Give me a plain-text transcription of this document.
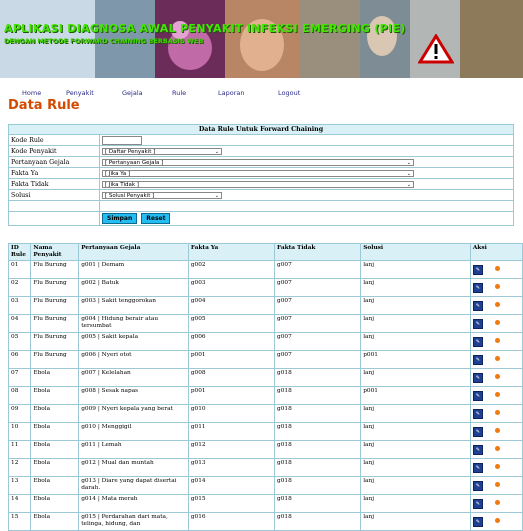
APLIKASI DIAGNOSA AWAL PENYAKIT INFEKSI EMERGING (PIE)
DENGAN METODE FORWARD CHAINING BERBASIS WEB
Home	Penyakit	Gejala	Rule	Laporan	Logout
Data Rule
Data Rule Untuk Forward Chaining	
Kode Rule	

Kode Penyakit	[ Daftar Penyakit ] ⌄

Pertanyaan Gejala	[ Pertanyaan Gejala ] ⌄

Fakta Ya	[ Jika Ya ] ⌄

Fakta Tidak	[ Jika Tidak ] ⌄

Solusi	[ Solusi Penyakit ] ⌄

	Simpan Reset
ID Rule	Nama Penyakit	Pertanyaan Gejala	Fakta Ya	Fakta Tidak	Solusi	Aksi
01	Flu Burung	g001 | Demam	g002	g007	lanj	✎
02	Flu Burung	g002 | Batuk	g003	g007	lanj	✎
03	Flu Burung	g003 | Sakit tenggorokan	g004	g007	lanj	✎
04	Flu Burung	g004 | Hidung berair atau tersumbat	g005	g007	lanj	✎
05	Flu Burung	g005 | Sakit kepala	g006	g007	lanj	✎
06	Flu Burung	g006 | Nyeri otot	p001	g007	p001	✎
07	Ebola	g007 | Kelelahan	g008	g018	lanj	✎
08	Ebola	g008 | Sesak napas	p001	g018	p001	✎
09	Ebola	g009 | Nyeri kepala yang berat	g010	g018	lanj	✎
10	Ebola	g010 | Menggigil	g011	g018	lanj	✎
11	Ebola	g011 | Lemah	g012	g018	lanj	✎
12	Ebola	g012 | Mual dan muntah	g013	g018	lanj	✎
13	Ebola	g013 | Diare yang dapat disertai darah.	g014	g018	lanj	✎
14	Ebola	g014 | Mata merah	g015	g018	lanj	✎
15	Ebola	g015 | Perdarahan dari mata, telinga, hidung, dan	g016	g018	lanj	✎
